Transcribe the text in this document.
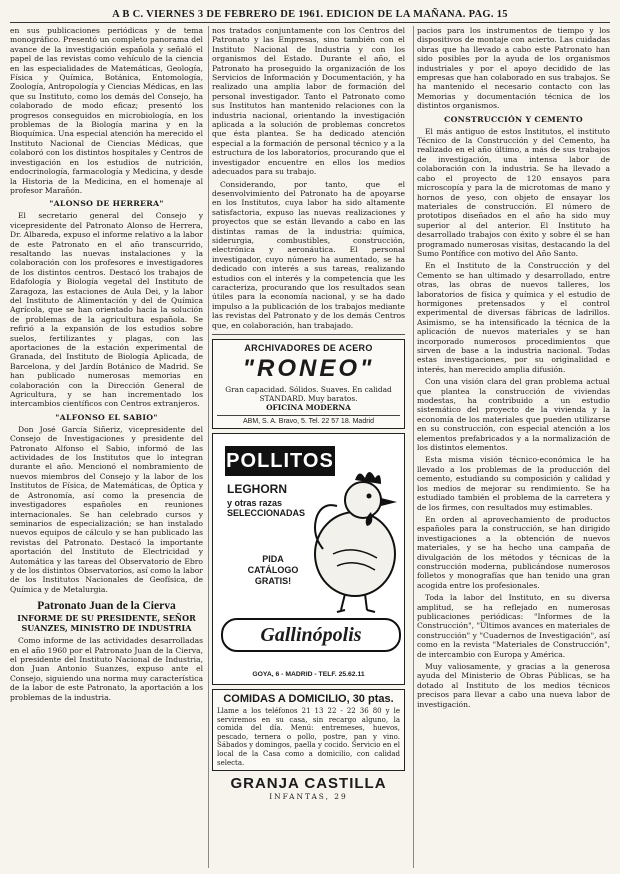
A B C. VIERNES 3 DE FEBRERO DE 1961. EDICION DE LA MAÑANA. PAG. 15

en sus publicaciones periódicas y de tema monográfico. Presentó un completo panorama del avance de la investigación española y señaló el papel de las revistas como vehículo de la ciencia en las especialidades de Matemáticas, Geología, Física y Química, Botánica, Entomología, Zoología, Antropología y Ciencias Médicas, en las que su Instituto, como los demás del Consejo, ha colaborado de modo eficaz; presentó los progresos conseguidos en microbiología, en los problemas de la Biología marina y en la Bioquímica. Una especial atención ha merecido el Instituto Nacional de Ciencias Médicas, que colaboró con los distintos hospitales y Centros de investigación en los estudios de nutrición, endocrinología, farmacología y Medicina, y desde la Historia de la Medicina, en el homenaje al profesor Marañón.

"ALONSO DE HERRERA"

El secretario general del Consejo y vicepresidente del Patronato Alonso de Herrera, Dr. Albareda, expuso el informe relativo a la labor de este Patronato en el año transcurrido, resaltando las nuevas instalaciones y la colaboración con los profesores e investigadores de los distintos centros. Destacó los trabajos de Edafología y Biología vegetal del Instituto de Zaragoza, las estaciones de Aula Dei, y la labor del Instituto de Alimentación y del de Química Agrícola, que se han orientado hacia la solución de problemas de la agricultura española. Se refirió a la expansión de los estudios sobre suelos, fertilizantes y plagas, con las aportaciones de la estación experimental de Granada, del Instituto de Biología Aplicada, de Barcelona, y del Jardín Botánico de Madrid. Se han publicado numerosas memorias en colaboración con la Dirección General de Agricultura, y se han incrementado los intercambios científicos con Centros extranjeros.

"ALFONSO EL SABIO"

Don José García Siñeriz, vicepresidente del Consejo de Investigaciones y presidente del Patronato Alfonso el Sabio, informó de las actividades de los Institutos que lo integran durante el año. Mencionó el nombramiento de nuevos miembros del Consejo y la labor de los Institutos de Física, de Matemáticas, de Óptica y de Astronomía, así como la presencia de investigadores españoles en reuniones internacionales. Se han celebrado cursos y seminarios de especialización; se han instalado nuevos equipos de cálculo y se han publicado las revistas del Patronato. Destacó la importante aportación del Instituto de Electricidad y Automática y las tareas del Observatorio de Ebro y de los distintos Observatorios, así como la labor de los Institutos Nacionales de Geofísica, de Química y de Metalurgia.

Patronato Juan de la Cierva
INFORME DE SU PRESIDENTE, SEÑOR SUANZES, MINISTRO DE INDUSTRIA

Como informe de las actividades desarrolladas en el año 1960 por el Patronato Juan de la Cierva, el presidente del Instituto Nacional de Industria, don Juan Antonio Suanzes, expuso ante el Consejo, siguiendo una norma muy característica de la labor de este Patronato, la aportación a los problemas de la industria.

nos tratados conjuntamente con los Centros del Patronato y las Empresas, sino también con el Instituto Nacional de Industria y con los organismos del Estado. Durante el año, el Patronato ha proseguido la organización de los Servicios de Información y Documentación, y ha realizado una amplia labor de formación del personal investigador. Tanto el Patronato como sus Institutos han mantenido relaciones con la industria nacional, orientando la investigación aplicada a la solución de problemas concretos que ésta plantea. Se ha dedicado atención especial a la formación de personal técnico y a la estructura de los laboratorios, procurando que el investigador encuentre en ellos los medios adecuados para su trabajo.

Considerando, por tanto, que el desenvolvimiento del Patronato ha de apoyarse en los Institutos, cuya labor ha sido altamente satisfactoria, expuso las nuevas realizaciones y proyectos que se están llevando a cabo en las distintas ramas de la industria: química, siderurgia, combustibles, construcción, electrónica y aeronáutica. El personal investigador, cuyo número ha aumentado, se ha dedicado con interés a sus tareas, realizando estudios con el interés y la competencia que les caracteriza, procurando que los resultados sean útiles para la economía nacional, y se ha dado impulso a la publicación de los trabajos mediante las revistas del Patronato y de los demás Centros que, en colaboración, han trabajado.

ARCHIVADORES DE ACERO
"RONEO"
Gran capacidad. Sólidos. Suaves. En calidad STANDARD. Muy baratos.
OFICINA MODERNA
ABM, S. A. Bravo, 5. Tel. 22 57 18. Madrid
POLLITOS
LEGHORN
y otras razas SELECCIONADAS
PIDA CATÁLOGO GRATIS!
Gallinópolis
GOYA, 6 - MADRID - TELF. 25.62.11
COMIDAS A DOMICILIO, 30 ptas.
Llame a los teléfonos 21 13 22 - 22 36 80 y le serviremos en su casa, sin recargo alguno, la comida del día. Menú: entremeses, huevos, pescado, ternera o pollo, postre, pan y vino. Sábados y domingos, paella y cocido. Servicio en el local de la Casa como a domicilio, con calidad selecta.
GRANJA CASTILLA
INFANTAS, 29

pacios para los instrumentos de tiempo y los dispositivos de montaje con acierto. Las cuidadas obras que ha llevado a cabo este Patronato han sido posibles por la ayuda de los organismos industriales y por el apoyo decidido de las empresas que han colaborado en sus trabajos. Se ha mantenido el necesario contacto con las Memorias y documentación técnica de los distintos organismos.

CONSTRUCCIÓN Y CEMENTO

El más antiguo de estos Institutos, el instituto Técnico de la Construcción y del Cemento, ha realizado en el año último, a más de sus trabajos de investigación, una intensa labor de colaboración con la industria. Se ha llevado a cabo el proyecto de 120 ensayos para microscopía y para la de microtomas de mano y hornos de yeso, con objeto de ensayar los materiales de construcción. El número de prototipos diseñados en el año ha sido muy superior al del anterior. El Instituto ha desarrollado trabajos con éxito y sobre él se han programado numerosas visitas, destacando la del Sumo Pontífice con motivo del Año Santo.

En el Instituto de la Construcción y del Cemento se han ultimado y desarrollado, entre otras, las obras de nuevos talleres, los laboratorios de física y química y el estudio de hormigones pretensados y el control experimental de diversas fábricas de ladrillos. Asimismo, se ha intensificado la técnica de la aplicación de nuevos materiales y se han incorporado numerosos procedimientos que sirven de base a la industria nacional. Todas estas investigaciones, por su originalidad e interés, han merecido amplia difusión.

Con una visión clara del gran problema actual que plantea la construcción de viviendas modestas, ha contribuido a un estudio sistemático del proyecto de la vivienda y la economía de los materiales que pueden utilizarse en su construcción, con especial atención a los elementos prefabricados y a la normalización de los distintos elementos.

Esta misma visión técnico-económica le ha llevado a los problemas de la producción del cemento, estudiando su composición y calidad y los medios de mejorar su rendimiento. Se ha estudiado también el problema de la carretera y de los firmes, con resultados muy estimables.

En orden al aprovechamiento de productos españoles para la construcción, se han dirigido investigaciones a la obtención de nuevos materiales, y se ha hecho una campaña de divulgación de los métodos y técnicas de la construcción moderna, publicándose numerosos folletos y monografías que han tenido una gran acogida entre los profesionales.

Toda la labor del Instituto, en su diversa amplitud, se ha reflejado en numerosas publicaciones periódicas: "Informes de la Construcción", "Últimos avances en materiales de construcción" y "Cuadernos de Investigación", así como en la revista "Materiales de Construcción", de intercambio con Europa y América.

Muy valiosamente, y gracias a la generosa ayuda del Ministerio de Obras Públicas, se ha dotado al Instituto de los medios técnicos precisos para llevar a cabo una nueva labor de investigación.
